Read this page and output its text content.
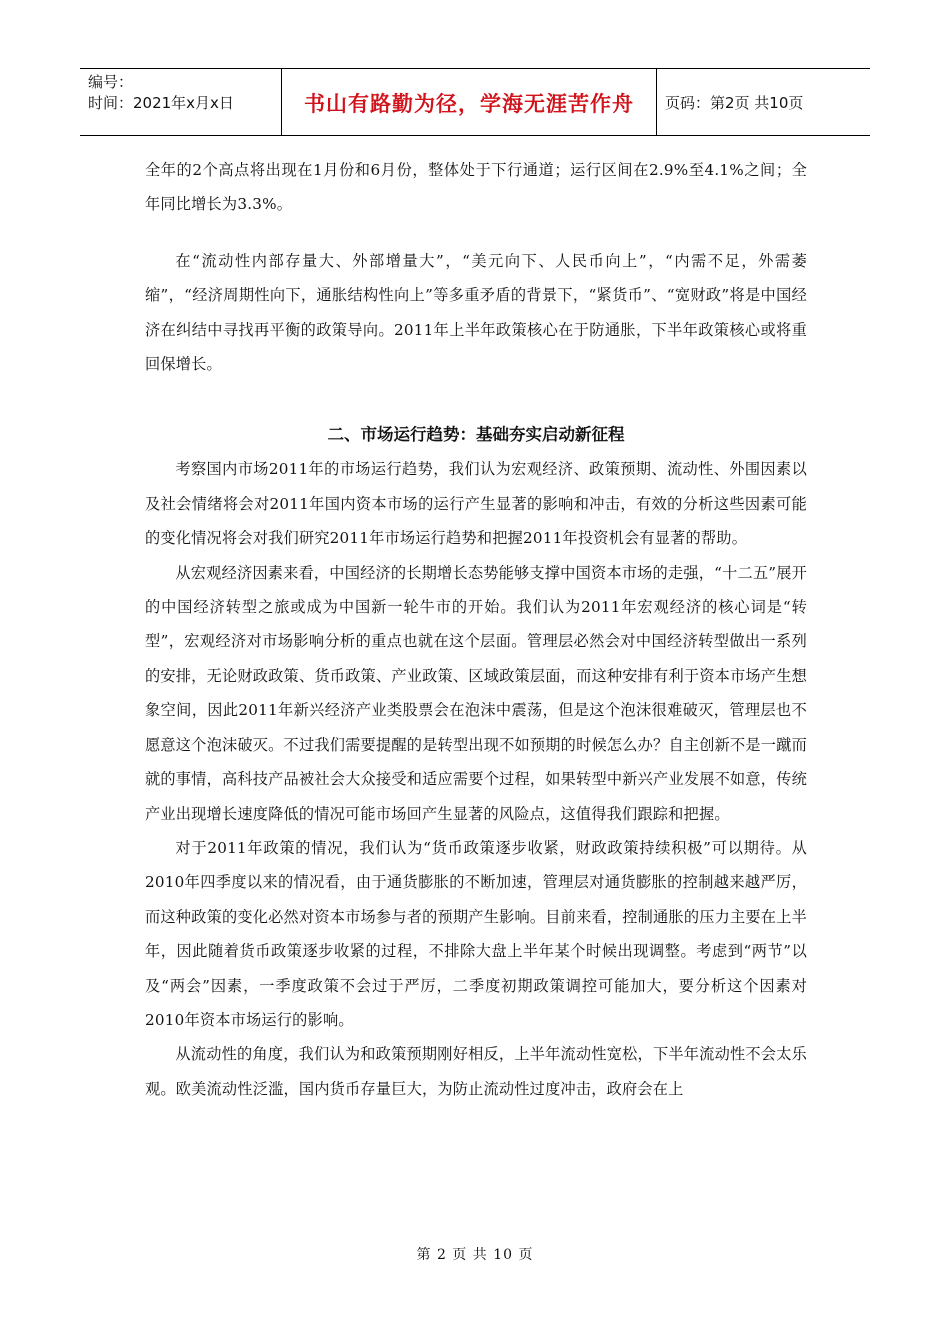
编号：
时间：2021年x月x日	书山有路勤为径，学海无涯苦作舟 页码：第2页 共10页

全年的2个高点将出现在1月份和6月份，整体处于下行通道；运行区间在2.9%至4.1%之间；全年同比增长为3.3%。

在“流动性内部存量大、外部增量大”，“美元向下、人民币向上”，“内需不足，外需萎缩”，“经济周期性向下，通胀结构性向上”等多重矛盾的背景下，“紧货币”、“宽财政”将是中国经济在纠结中寻找再平衡的政策导向。2011年上半年政策核心在于防通胀，下半年政策核心或将重回保增长。

二、市场运行趋势：基础夯实启动新征程

考察国内市场2011年的市场运行趋势，我们认为宏观经济、政策预期、流动性、外围因素以及社会情绪将会对2011年国内资本市场的运行产生显著的影响和冲击，有效的分析这些因素可能的变化情况将会对我们研究2011年市场运行趋势和把握2011年投资机会有显著的帮助。

从宏观经济因素来看，中国经济的长期增长态势能够支撑中国资本市场的走强，“十二五”展开的中国经济转型之旅或成为中国新一轮牛市的开始。我们认为2011年宏观经济的核心词是“转型”，宏观经济对市场影响分析的重点也就在这个层面。管理层必然会对中国经济转型做出一系列的安排，无论财政政策、货币政策、产业政策、区域政策层面，而这种安排有利于资本市场产生想象空间，因此2011年新兴经济产业类股票会在泡沫中震荡，但是这个泡沫很难破灭，管理层也不愿意这个泡沫破灭。不过我们需要提醒的是转型出现不如预期的时候怎么办？自主创新不是一蹴而就的事情，高科技产品被社会大众接受和适应需要个过程，如果转型中新兴产业发展不如意，传统产业出现增长速度降低的情况可能市场回产生显著的风险点，这值得我们跟踪和把握。

对于2011年政策的情况，我们认为“货币政策逐步收紧，财政政策持续积极”可以期待。从2010年四季度以来的情况看，由于通货膨胀的不断加速，管理层对通货膨胀的控制越来越严厉，而这种政策的变化必然对资本市场参与者的预期产生影响。目前来看，控制通胀的压力主要在上半年，因此随着货币政策逐步收紧的过程，不排除大盘上半年某个时候出现调整。考虑到“两节”以及“两会”因素，一季度政策不会过于严厉，二季度初期政策调控可能加大，要分析这个因素对2010年资本市场运行的影响。

从流动性的角度，我们认为和政策预期刚好相反，上半年流动性宽松，下半年流动性不会太乐观。欧美流动性泛滥，国内货币存量巨大，为防止流动性过度冲击，政府会在上

第 2 页 共 10 页
